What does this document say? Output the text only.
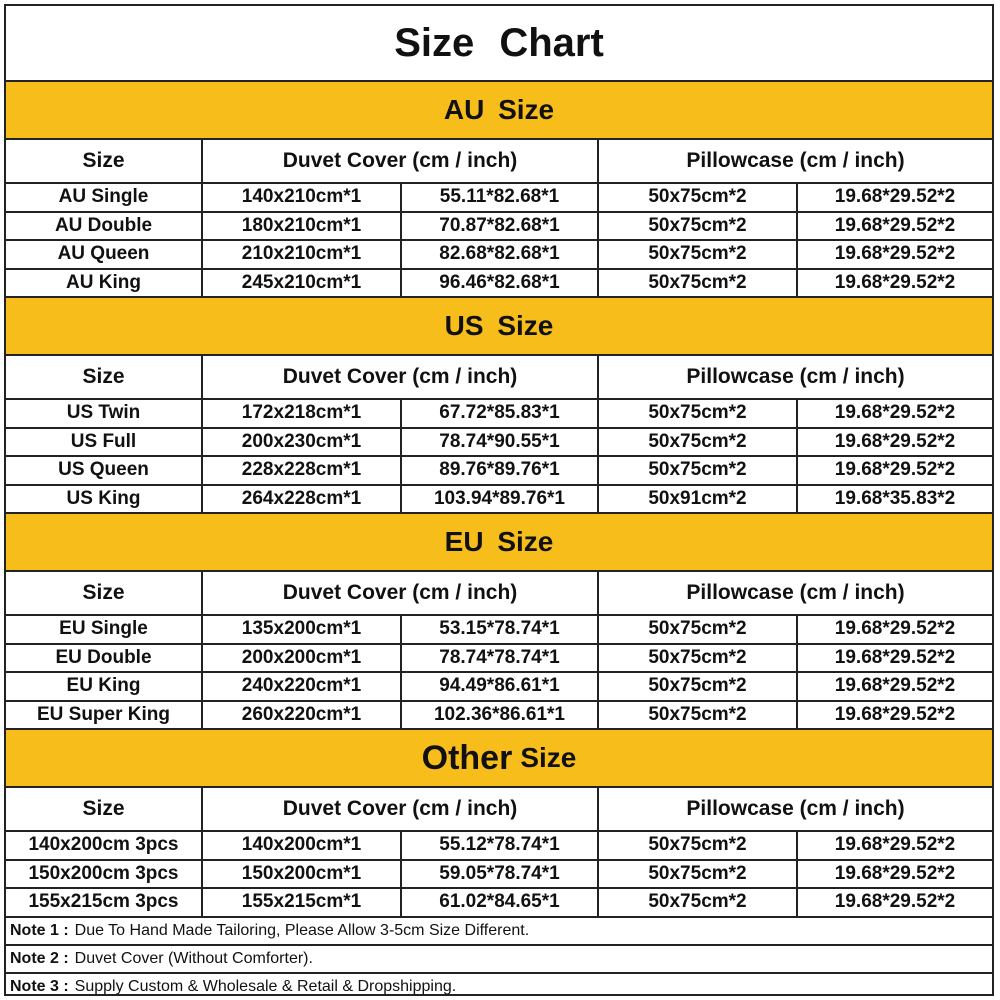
Size Chart
AU Size
Size	Duvet Cover (cm / inch)		Pillowcase (cm / inch)	
AU Single	140x210cm*1	55.11*82.68*1	50x75cm*2	19.68*29.52*2
AU Double	180x210cm*1	70.87*82.68*1	50x75cm*2	19.68*29.52*2
AU Queen	210x210cm*1	82.68*82.68*1	50x75cm*2	19.68*29.52*2
AU King	245x210cm*1	96.46*82.68*1	50x75cm*2	19.68*29.52*2
US Size
Size	Duvet Cover (cm / inch)		Pillowcase (cm / inch)	
US Twin	172x218cm*1	67.72*85.83*1	50x75cm*2	19.68*29.52*2
US Full	200x230cm*1	78.74*90.55*1	50x75cm*2	19.68*29.52*2
US Queen	228x228cm*1	89.76*89.76*1	50x75cm*2	19.68*29.52*2
US King	264x228cm*1	103.94*89.76*1	50x91cm*2	19.68*35.83*2
EU Size
Size	Duvet Cover (cm / inch)		Pillowcase (cm / inch)	
EU Single	135x200cm*1	53.15*78.74*1	50x75cm*2	19.68*29.52*2
EU Double	200x200cm*1	78.74*78.74*1	50x75cm*2	19.68*29.52*2
EU King	240x220cm*1	94.49*86.61*1	50x75cm*2	19.68*29.52*2
EU Super King	260x220cm*1	102.36*86.61*1	50x75cm*2	19.68*29.52*2
Other Size
Size	Duvet Cover (cm / inch)		Pillowcase (cm / inch)	
140x200cm 3pcs	140x200cm*1	55.12*78.74*1	50x75cm*2	19.68*29.52*2
150x200cm 3pcs	150x200cm*1	59.05*78.74*1	50x75cm*2	19.68*29.52*2
155x215cm 3pcs	155x215cm*1	61.02*84.65*1	50x75cm*2	19.68*29.52*2
Note 1 : Due To Hand Made Tailoring, Please Allow 3-5cm Size Different.
Note 2 : Duvet Cover (Without Comforter).
Note 3 : Supply Custom & Wholesale & Retail & Dropshipping.
